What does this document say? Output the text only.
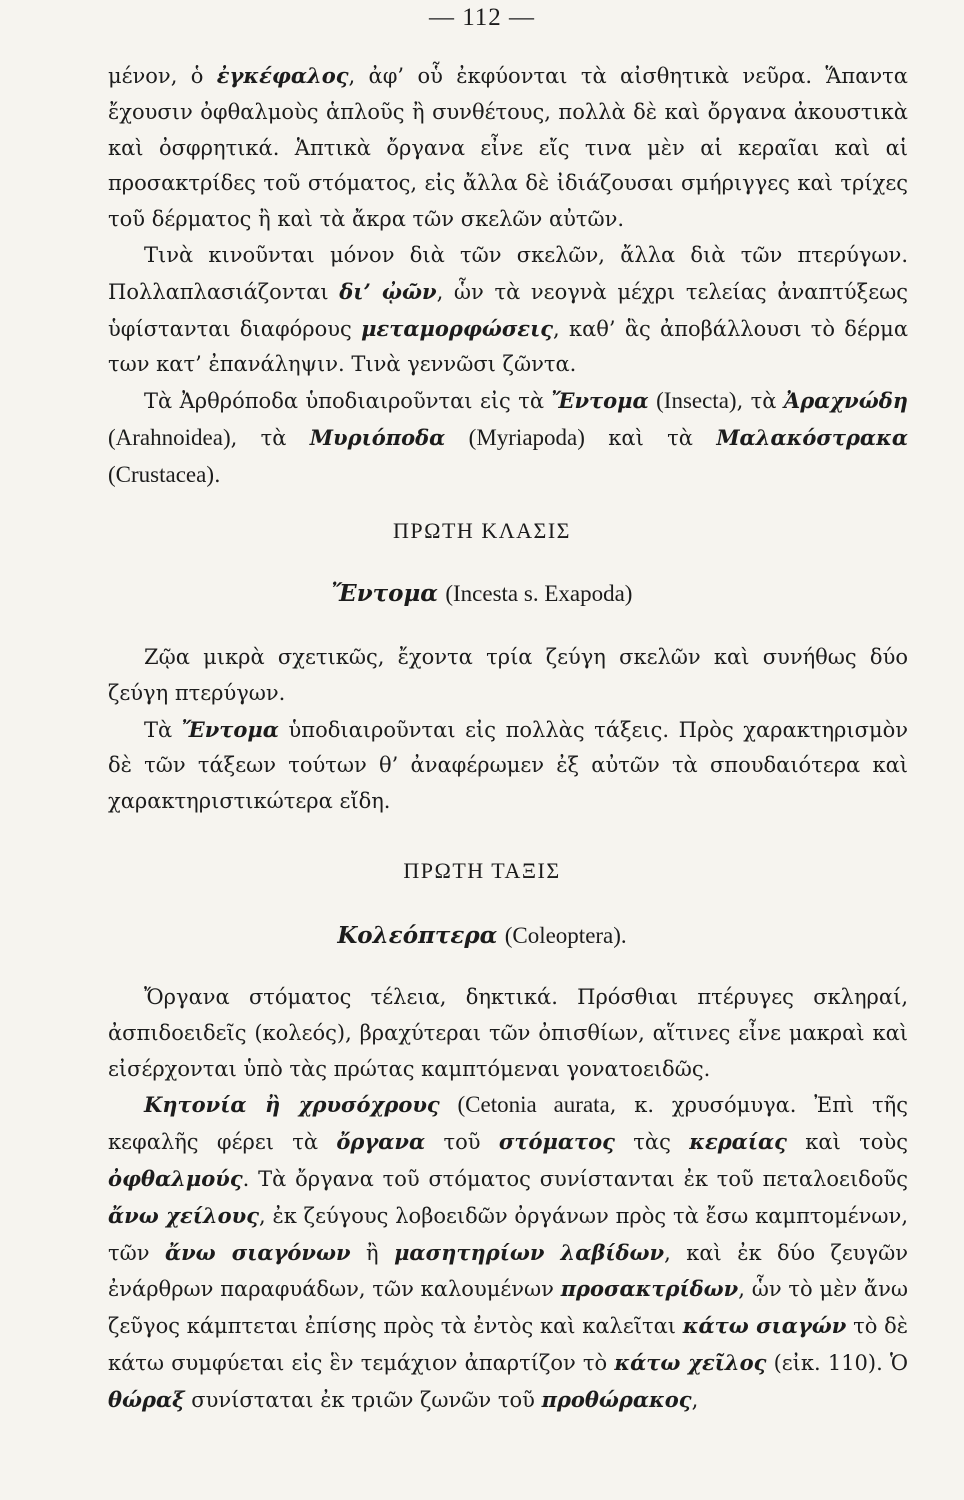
— 112 —

μένον, ὁ ἐγκέφαλος, ἀφ’ οὗ ἐκφύονται τὰ αἰσθητικὰ νεῦρα. Ἅπαντα ἔχουσιν ὀφθαλμοὺς ἁπλοῦς ἢ συνθέτους, πολλὰ δὲ καὶ ὄργανα ἀκουστικὰ καὶ ὀσφρητικά. Ἁπτικὰ ὄργανα εἶνε εἴς τινα μὲν αἱ κεραῖαι καὶ αἱ προσακτρίδες τοῦ στόματος, εἰς ἄλλα δὲ ἰδιάζουσαι σμήριγγες καὶ τρίχες τοῦ δέρματος ἢ καὶ τὰ ἄκρα τῶν σκελῶν αὐτῶν.

Τινὰ κινοῦνται μόνον διὰ τῶν σκελῶν, ἄλλα διὰ τῶν πτερύγων. Πολλαπλασιάζονται δι’ ᾠῶν, ὧν τὰ νεογνὰ μέχρι τελείας ἀναπτύξεως ὑφίστανται διαφόρους μεταμορφώσεις, καθ’ ἃς ἀποβάλλουσι τὸ δέρμα των κατ’ ἐπανάληψιν. Τινὰ γεννῶσι ζῶντα.

Τὰ Ἀρθρόποδα ὑποδιαιροῦνται εἰς τὰ Ἔντομα (Insecta), τὰ Ἀραχνώδη (Arahnoidea), τὰ Μυριόποδα (Myriapoda) καὶ τὰ Μαλακόστρακα (Crustacea).

ΠΡΩΤΗ ΚΛΑΣΙΣ
Ἔντομα (Incesta s. Exapoda)

Ζῷα μικρὰ σχετικῶς, ἔχοντα τρία ζεύγη σκελῶν καὶ συνήθως δύο ζεύγη πτερύγων.

Τὰ Ἔντομα ὑποδιαιροῦνται εἰς πολλὰς τάξεις. Πρὸς χαρακτηρισμὸν δὲ τῶν τάξεων τούτων θ’ ἀναφέρωμεν ἐξ αὐτῶν τὰ σπουδαιότερα καὶ χαρακτηριστικώτερα εἴδη.

ΠΡΩΤΗ ΤΑΞΙΣ
Κολεόπτερα (Coleoptera).

Ὄργανα στόματος τέλεια, δηκτικά. Πρόσθιαι πτέρυγες σκληραί, ἀσπιδοειδεῖς (κολεός), βραχύτεραι τῶν ὀπισθίων, αἵτινες εἶνε μακραὶ καὶ εἰσέρχονται ὑπὸ τὰς πρώτας καμπτόμεναι γονατοειδῶς.

Κητονία ἢ χρυσόχρους (Cetonia aurata, κ. χρυσόμυγα. Ἐπὶ τῆς κεφαλῆς φέρει τὰ ὄργανα τοῦ στόματος τὰς κεραίας καὶ τοὺς ὀφθαλμούς. Τὰ ὄργανα τοῦ στόματος συνίστανται ἐκ τοῦ πεταλοειδοῦς ἄνω χείλους, ἐκ ζεύγους λοβοειδῶν ὀργάνων πρὸς τὰ ἔσω καμπτομένων, τῶν ἄνω σιαγόνων ἢ μασητηρίων λαβίδων, καὶ ἐκ δύο ζευγῶν ἐνάρθρων παραφυάδων, τῶν καλουμένων προσακτρίδων, ὧν τὸ μὲν ἄνω ζεῦγος κάμπτεται ἐπίσης πρὸς τὰ ἐντὸς καὶ καλεῖται κάτω σιαγών τὸ δὲ κάτω συμφύεται εἰς ἓν τεμάχιον ἀπαρτίζον τὸ κάτω χεῖλος (εἰκ. 110). Ὁ θώραξ συνίσταται ἐκ τριῶν ζωνῶν τοῦ προθώρακος,
